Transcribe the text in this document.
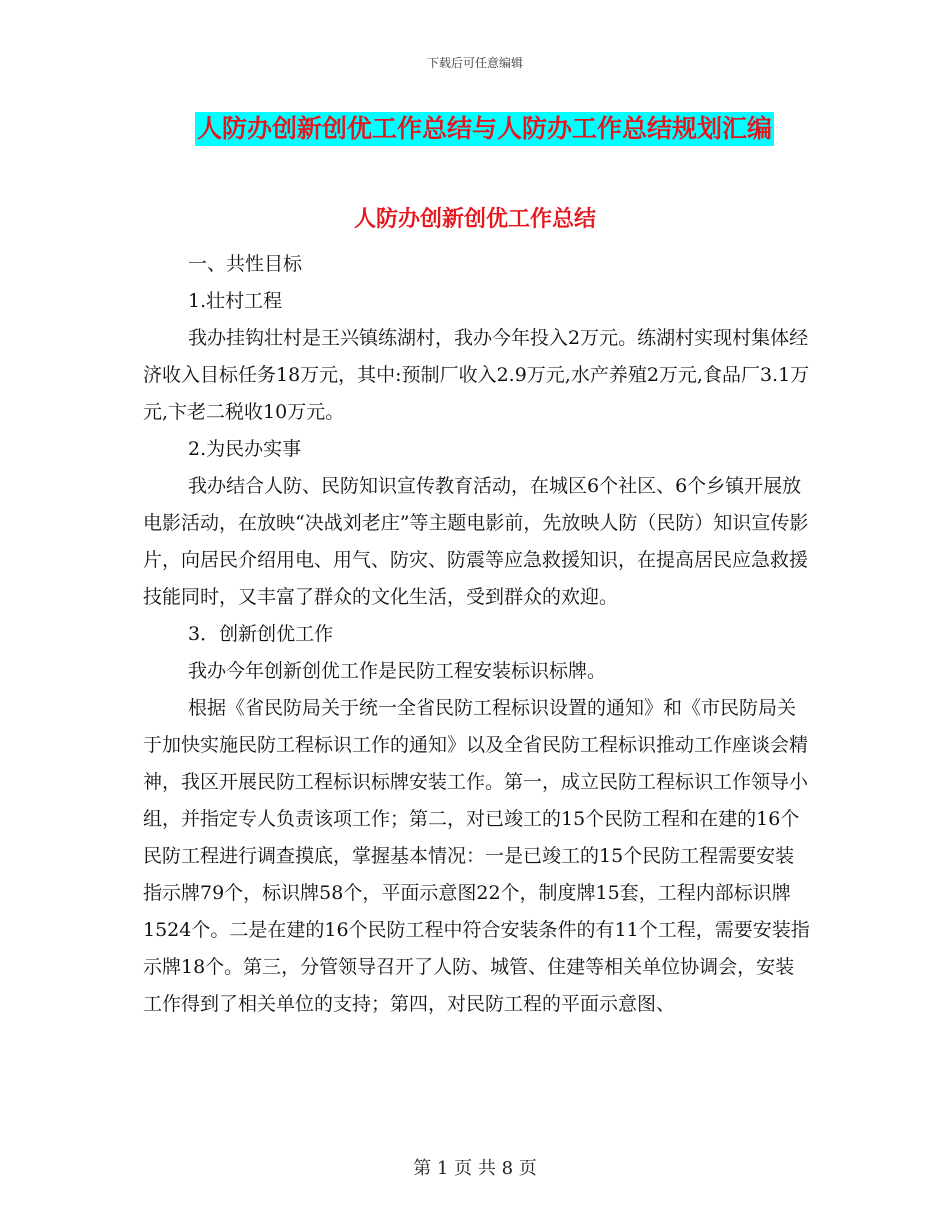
下载后可任意编辑
人防办创新创优工作总结与人防办工作总结规划汇编
人防办创新创优工作总结

一、共性目标

1.壮村工程

我办挂钩壮村是王兴镇练湖村，我办今年投入2万元。练湖村实现村集体经济收入目标任务18万元，其中:预制厂收入2.9万元,水产养殖2万元,食品厂3.1万元,卞老二税收10万元。

2.为民办实事

我办结合人防、民防知识宣传教育活动，在城区6个社区、6个乡镇开展放电影活动，在放映“决战刘老庄”等主题电影前，先放映人防（民防）知识宣传影片，向居民介绍用电、用气、防灾、防震等应急救援知识，在提高居民应急救援技能同时，又丰富了群众的文化生活，受到群众的欢迎。

3．创新创优工作

我办今年创新创优工作是民防工程安装标识标牌。

根据《省民防局关于统一全省民防工程标识设置的通知》和《市民防局关于加快实施民防工程标识工作的通知》以及全省民防工程标识推动工作座谈会精神，我区开展民防工程标识标牌安装工作。第一，成立民防工程标识工作领导小组，并指定专人负责该项工作；第二，对已竣工的15个民防工程和在建的16个民防工程进行调查摸底，掌握基本情况：一是已竣工的15个民防工程需要安装指示牌79个，标识牌58个，平面示意图22个，制度牌15套，工程内部标识牌1524个。二是在建的16个民防工程中符合安装条件的有11个工程，需要安装指示牌18个。第三，分管领导召开了人防、城管、住建等相关单位协调会，安装工作得到了相关单位的支持；第四，对民防工程的平面示意图、

第 1 页 共 8 页
